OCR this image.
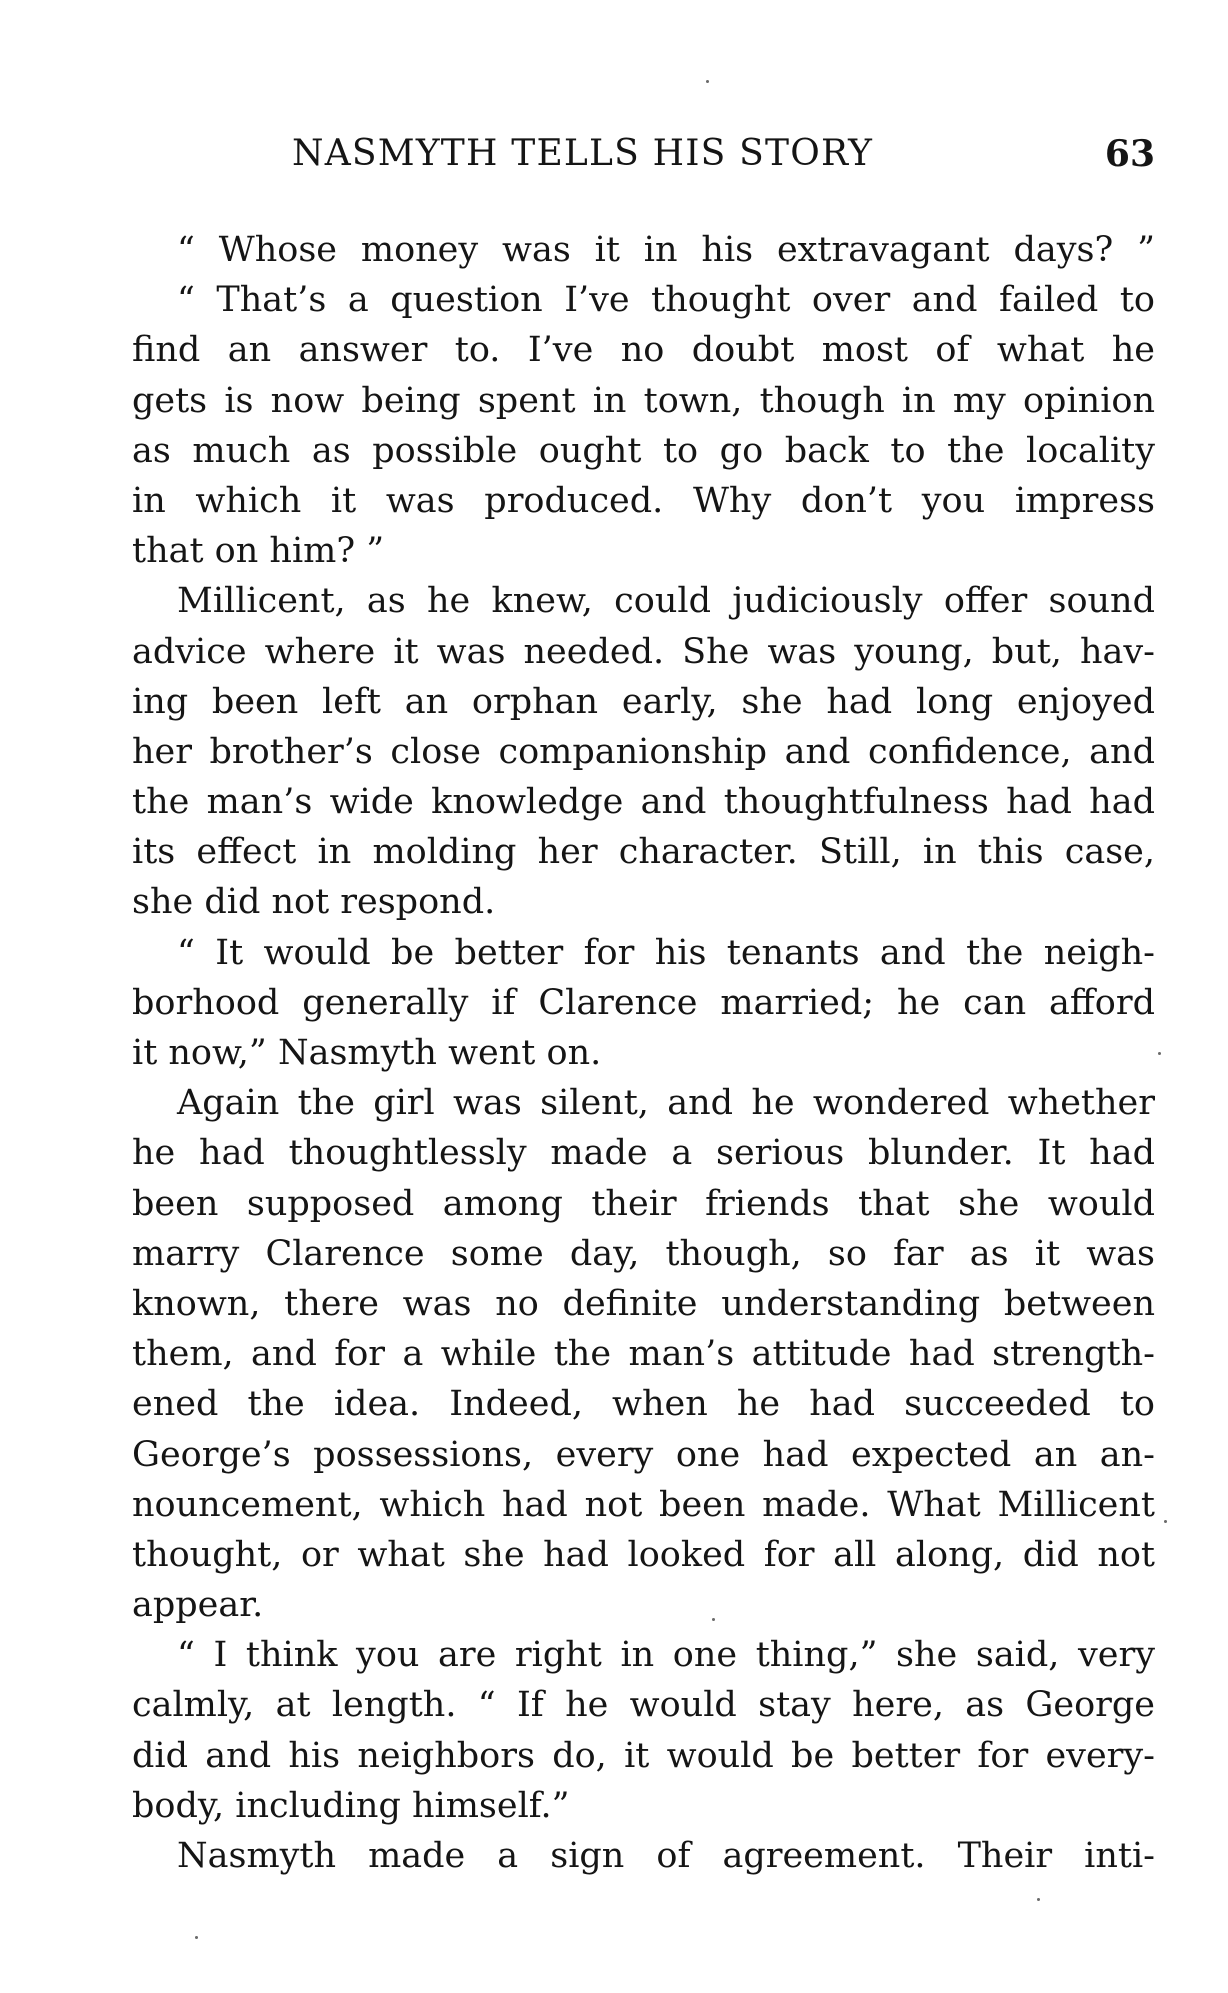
NASMYTH TELLS HIS STORY	63
“ Whose money was it in his extravagant days? ”
“ That’s a question I’ve thought over and failed to
find an answer to. I’ve no doubt most of what he
gets is now being spent in town, though in my opinion
as much as possible ought to go back to the locality
in which it was produced. Why don’t you impress
that on him? ”
Millicent, as he knew, could judiciously offer sound
advice where it was needed. She was young, but, hav-
ing been left an orphan early, she had long enjoyed
her brother’s close companionship and confidence, and
the man’s wide knowledge and thoughtfulness had had
its effect in molding her character. Still, in this case,
she did not respond.
“ It would be better for his tenants and the neigh-
borhood generally if Clarence married; he can afford
it now,” Nasmyth went on.
Again the girl was silent, and he wondered whether
he had thoughtlessly made a serious blunder. It had
been supposed among their friends that she would
marry Clarence some day, though, so far as it was
known, there was no definite understanding between
them, and for a while the man’s attitude had strength-
ened the idea. Indeed, when he had succeeded to
George’s possessions, every one had expected an an-
nouncement, which had not been made. What Millicent
thought, or what she had looked for all along, did not
appear.
“ I think you are right in one thing,” she said, very
calmly, at length. “ If he would stay here, as George
did and his neighbors do, it would be better for every-
body, including himself.”
Nasmyth made a sign of agreement. Their inti-
